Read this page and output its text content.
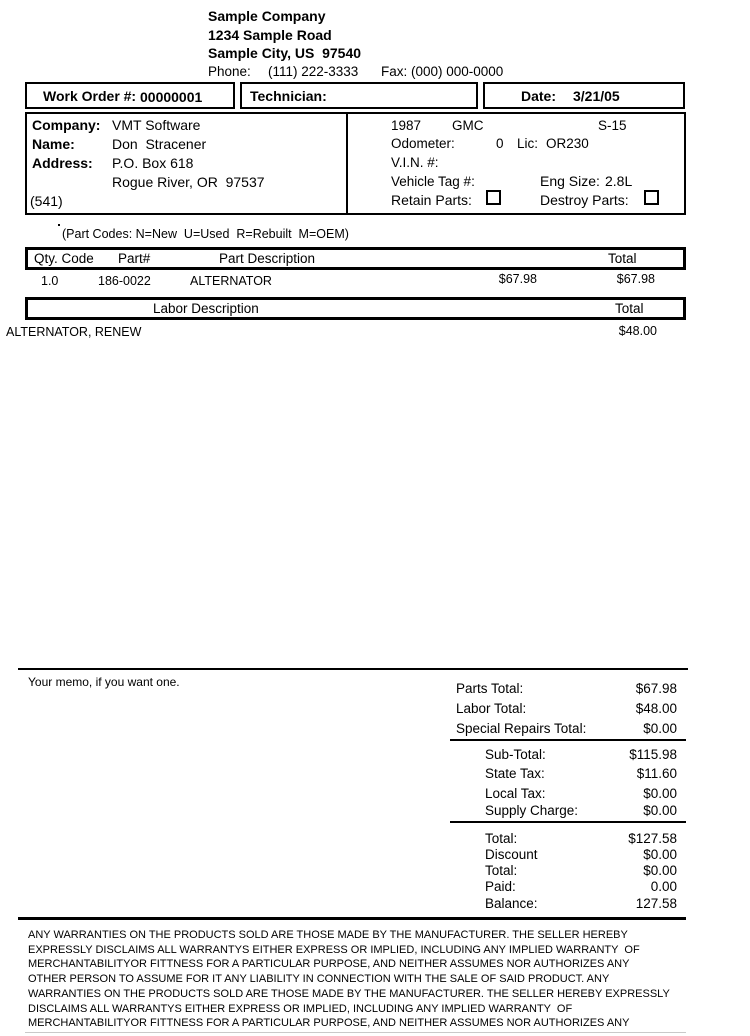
Sample Company
1234 Sample Road
Sample City, US  97540
Phone: (111) 222-3333 Fax: (000) 000-0000
Work Order #: 00000001	Technician:	Date: 3/21/05
Company: VMT Software
Name:	Don  Stracener
Address: P.O. Box 618
Rogue River, OR  97537
(541)
1987 GMC	S-15
Odometer:	0 Lic: OR230
V.I.N. #:
Vehicle Tag #:	Eng Size: 2.8L
Retain Parts:	Destroy Parts:
(Part Codes: N=New  U=Used  R=Rebuilt  M=OEM)
Qty. Code Part#	Part Description	Total
1.0	186-0022	ALTERNATOR	$67.98	$67.98
Labor Description	Total
ALTERNATOR, RENEW	$48.00
Your memo, if you want one.	Parts Total:	$67.98
Labor Total:	$48.00
Special Repairs Total:	$0.00
Sub-Total:	$115.98
State Tax:	$11.60
Local Tax:	$0.00
Supply Charge:	$0.00
Total:	$127.58
Discount	$0.00
Total:	$0.00
Paid:	0.00
Balance:	127.58
ANY WARRANTIES ON THE PRODUCTS SOLD ARE THOSE MADE BY THE MANUFACTURER. THE SELLER HEREBY
EXPRESSLY DISCLAIMS ALL WARRANTYS EITHER EXPRESS OR IMPLIED, INCLUDING ANY IMPLIED WARRANTY  OF
MERCHANTABILITYOR FITTNESS FOR A PARTICULAR PURPOSE, AND NEITHER ASSUMES NOR AUTHORIZES ANY
OTHER PERSON TO ASSUME FOR IT ANY LIABILITY IN CONNECTION WITH THE SALE OF SAID PRODUCT. ANY
WARRANTIES ON THE PRODUCTS SOLD ARE THOSE MADE BY THE MANUFACTURER. THE SELLER HEREBY EXPRESSLY
DISCLAIMS ALL WARRANTYS EITHER EXPRESS OR IMPLIED, INCLUDING ANY IMPLIED WARRANTY  OF
MERCHANTABILITYOR FITTNESS FOR A PARTICULAR PURPOSE, AND NEITHER ASSUMES NOR AUTHORIZES ANY
